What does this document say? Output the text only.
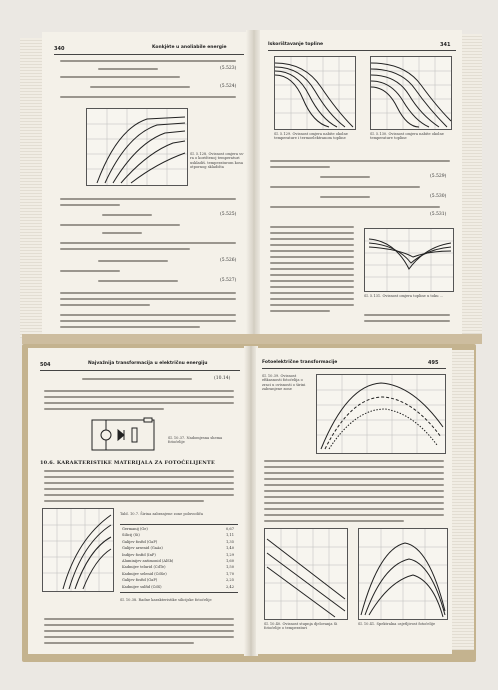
340	Konkjète u anoliabile energie
(5.523)
(5.524)
Sl. 5.128. Ovisnost omjera ss-ra o korištenoj temperaturi uskladiš. temperaturom kosa otpornog skladišta
(5.525)
(5.526)
(5.527)
Iskorištavanje topline	341
Sl. 5.129. Ovisnost omjera nabite okolne temperature i termoelektranom topline
Sl. 5.130. Ovisnost omjera nabite okolne temperature topline
(5.529)
(5.530)
(5.531)
Sl. 5.131. Ovisnost omjera topline u toku ...
504	Najvažnija transformacija u električnu energiju
(10.14)
Sl. 10.37. Nadomjesna shema fotoćelije
10.6. KARAKTERISTIKE MATERIJALA ZA FOTOĆELIJENTE
Tabl. 10.7. Širina zabranjene zone poluvodiča
Germanij (Ge)	0,67
Silicij (Si)	1,11
Galijev fosfid (GaP)	1,35
Galijev arsenid (GaAs)	1,40
Indijev fosfid (InP)	1,29
Aluminijev antimonid (AlSb)	1,60
Kadmijev telurid (CdTe)	1,50
Kadmijev selenid (CdSe)	1,70
Galijev fosfid (GaP)	2,25
Kadmijev sulfid (CdS)	2,42
Sl. 10.38. Radne karakteristike silicijske fotoćelije
Fotoelektrične transformacije	495
Sl. 10.39. Ovisnost efikasnosti fotoćelija o zraci u ovisnosti o širini zabranjene zone
Sl. 10.40. Ovisnost stupnja djelovanja Si fotoćelije o temperaturi
Sl. 10.41. Spektralna osjetljivost fotoćelije
